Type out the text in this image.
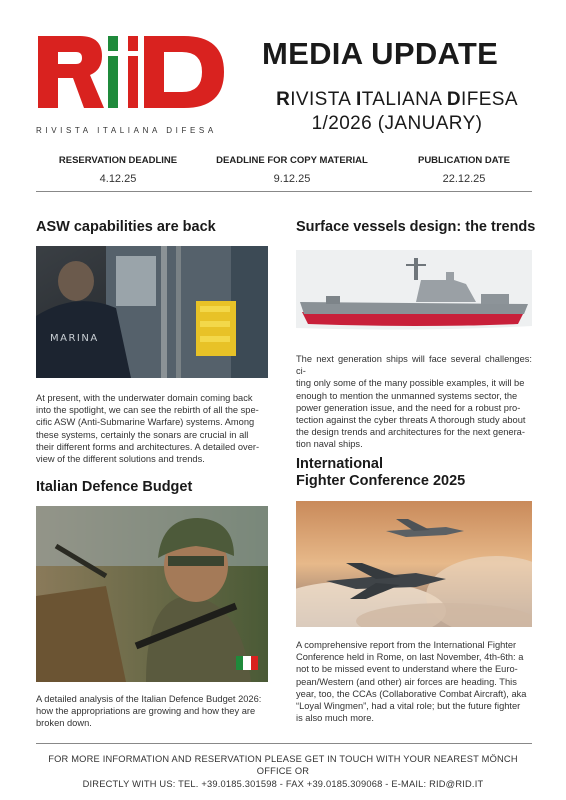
RIVISTA ITALIANA DIFESA
MEDIA UPDATE
RIVISTA ITALIANA DIFESA
1/2026 (JANUARY)
RESERVATION DEADLINE
4.12.25
DEADLINE FOR COPY MATERIAL
9.12.25
PUBLICATION DATE
22.12.25
ASW capabilities are back
MARINA
At present, with the underwater domain coming back
into the spotlight, we can see the rebirth of all the spe-
cific ASW (Anti-Submarine Warfare) systems. Among
these systems, certainly the sonars are crucial in all
their different forms and architectures. A detailed over-
view of the different solutions and trends.
Surface vessels design: the trends
The next generation ships will face several challenges: ci-
ting only some of the many possible examples, it will be
enough to mention the unmanned systems sector, the
power generation issue, and the need for a robust pro-
tection against the cyber threats A thorough study about
the design trends and architectures for the next genera-
tion naval ships.
Italian Defence Budget
A detailed analysis of the Italian Defence Budget 2026:
how the appropriations are growing and how they are
broken down.
International
Fighter Conference 2025
A comprehensive report from the International Fighter
Conference held in Rome, on last November, 4th-6th: a
not to be missed event to understand where the Euro-
pean/Western (and other) air forces are heading. This
year, too, the CCAs (Collaborative Combat Aircraft), aka
“Loyal Wingmen”, had a vital role; but the future fighter
is also much more.
FOR MORE INFORMATION AND RESERVATION PLEASE GET IN TOUCH WITH YOUR NEAREST MÖNCH OFFICE OR
DIRECTLY WITH US: TEL. +39.0185.301598 - FAX +39.0185.309068 - E-MAIL: RID@RID.IT
